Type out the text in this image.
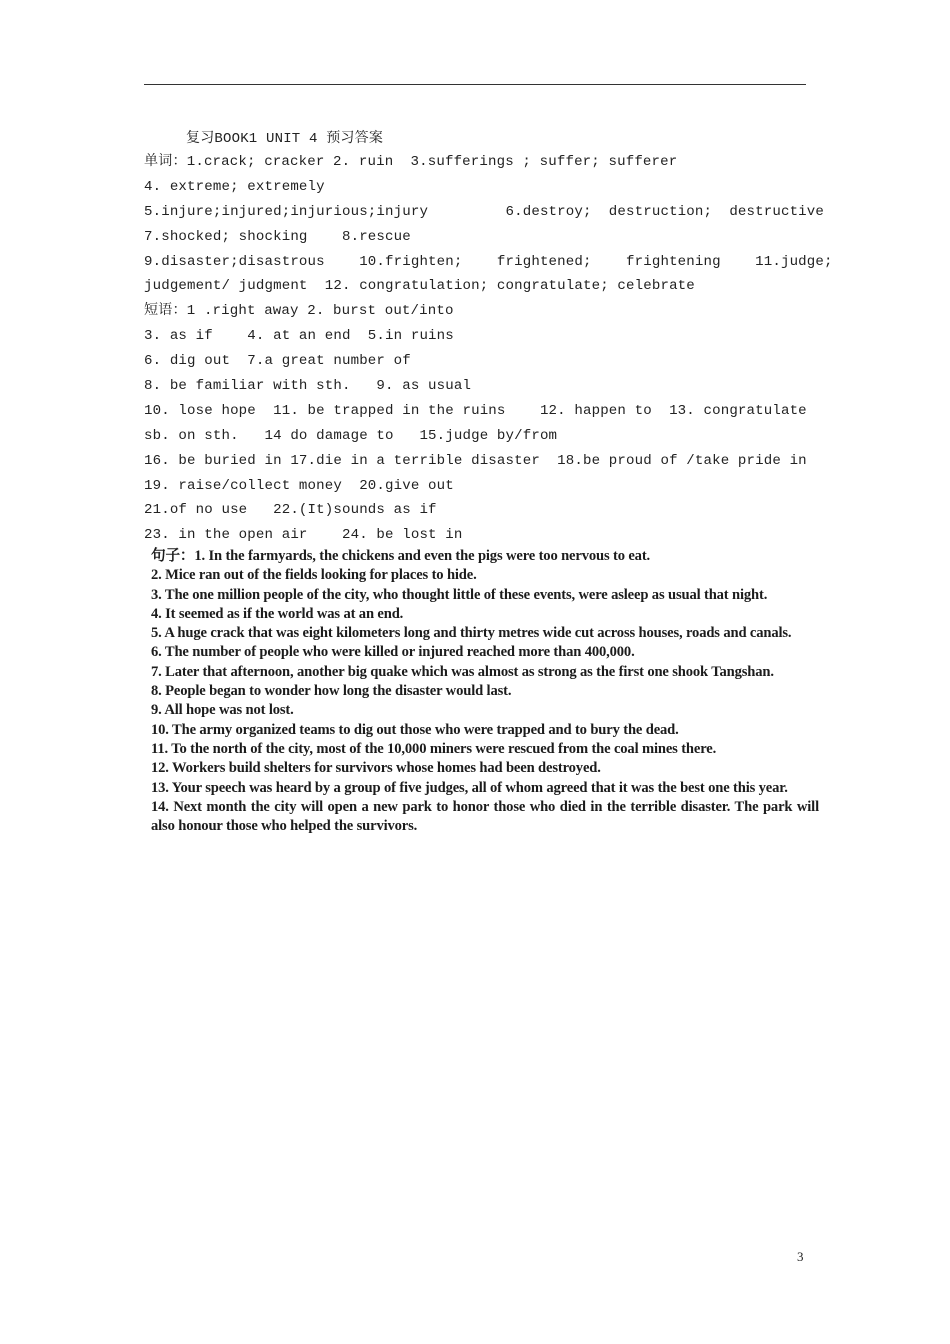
复习BOOK1 UNIT 4 预习答案
单词：1.crack; cracker 2. ruin  3.sufferings ; suffer; sufferer
4. extreme; extremely
5.injure;injured;injurious;injury         6.destroy;  destruction;  destructive
7.shocked; shocking    8.rescue
9.disaster;disastrous    10.frighten;    frightened;    frightening    11.judge;
judgement/ judgment  12. congratulation; congratulate; celebrate
短语：1 .right away 2. burst out/into
3. as if    4. at an end  5.in ruins
6. dig out  7.a great number of
8. be familiar with sth.   9. as usual
10. lose hope  11. be trapped in the ruins    12. happen to  13. congratulate
sb. on sth.   14 do damage to   15.judge by/from
16. be buried in 17.die in a terrible disaster  18.be proud of /take pride in
19. raise/collect money  20.give out
21.of no use   22.(It)sounds as if
23. in the open air    24. be lost in

句子：1. In the farmyards, the chickens and even the pigs were too nervous to eat.

2. Mice ran out of the fields looking for places to hide.

3. The one million people of the city, who thought little of these events, were asleep as usual that night.

4. It seemed as if the world was at an end.

5. A huge crack that was eight kilometers long and thirty metres wide cut across houses, roads and canals.

6. The number of people who were killed or injured reached more than 400,000.

7. Later that afternoon, another big quake which was almost as strong as the first one shook Tangshan.

8. People began to wonder how long the disaster would last.

9. All hope was not lost.

10. The army organized teams to dig out those who were trapped and to bury the dead.

11. To the north of the city, most of the 10,000 miners were rescued from the coal mines there.

12. Workers build shelters for survivors whose homes had been destroyed.

13. Your speech was heard by a group of five judges, all of whom agreed that it was the best one this year.

14. Next month the city will open a new park to honor those who died in the terrible disaster. The park will also honour those who helped the survivors.

3
